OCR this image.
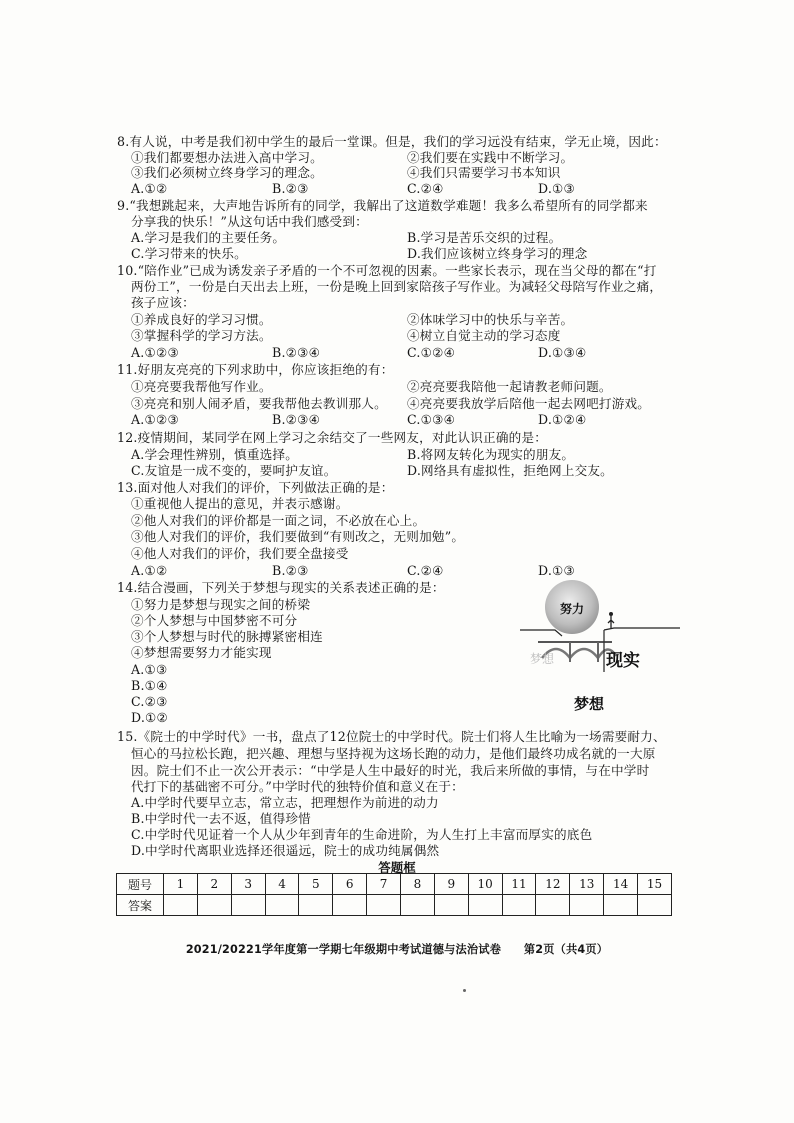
8.有人说，中考是我们初中学生的最后一堂课。但是，我们的学习远没有结束，学无止境，因此：
①我们都要想办法进入高中学习。	②我们要在实践中不断学习。
③我们必须树立终身学习的理念。	④我们只需要学习书本知识
A.①②	B.②③	C.②④	D.①③
9.“我想跳起来，大声地告诉所有的同学，我解出了这道数学难题！我多么希望所有的同学都来
分享我的快乐！”从这句话中我们感受到：
A.学习是我们的主要任务。	B.学习是苦乐交织的过程。
C.学习带来的快乐。	D.我们应该树立终身学习的理念
10.“陪作业”已成为诱发亲子矛盾的一个不可忽视的因素。一些家长表示，现在当父母的都在“打
两份工”，一份是白天出去上班，一份是晚上回到家陪孩子写作业。为减轻父母陪写作业之痛，
孩子应该：
①养成良好的学习习惯。	②体味学习中的快乐与辛苦。
③掌握科学的学习方法。	④树立自觉主动的学习态度
A.①②③	B.②③④	C.①②④	D.①③④
11.好朋友亮亮的下列求助中，你应该拒绝的有：
①亮亮要我帮他写作业。	②亮亮要我陪他一起请教老师问题。
③亮亮和别人闹矛盾，要我帮他去教训那人。 ④亮亮要我放学后陪他一起去网吧打游戏。
A.①②③	B.②③④	C.①③④	D.①②④
12.疫情期间，某同学在网上学习之余结交了一些网友，对此认识正确的是：
A.学会理性辨别，慎重选择。	B.将网友转化为现实的朋友。
C.友谊是一成不变的，要呵护友谊。	D.网络具有虚拟性，拒绝网上交友。
13.面对他人对我们的评价，下列做法正确的是：
①重视他人提出的意见，并表示感谢。
②他人对我们的评价都是一面之词，不必放在心上。
③他人对我们的评价，我们要做到“有则改之，无则加勉”。
④他人对我们的评价，我们要全盘接受
A.①②	B.②③	C.②④	D.①③
14.结合漫画，下列关于梦想与现实的关系表述正确的是：
①努力是梦想与现实之间的桥梁
②个人梦想与中国梦密不可分
③个人梦想与时代的脉搏紧密相连
④梦想需要努力才能实现
A.①③
B.①④
C.②③
D.①②
努力
梦想	现实
梦想
15.《院士的中学时代》一书，盘点了12位院士的中学时代。院士们将人生比喻为一场需要耐力、
恒心的马拉松长跑，把兴趣、理想与坚持视为这场长跑的动力，是他们最终功成名就的一大原
因。院士们不止一次公开表示：“中学是人生中最好的时光，我后来所做的事情，与在中学时
代打下的基础密不可分。”中学时代的独特价值和意义在于：
A.中学时代要早立志，常立志，把理想作为前进的动力
B.中学时代一去不返，值得珍惜
C.中学时代见证着一个人从少年到青年的生命进阶，为人生打上丰富而厚实的底色
D.中学时代离职业选择还很遥远，院士的成功纯属偶然
答题框
题号	1	2	3	4	5	6	7	8	9	10	11	12	13	14	15
答案															
2021/20221学年度第一学期七年级期中考试道德与法治试卷　　第2页（共4页）
